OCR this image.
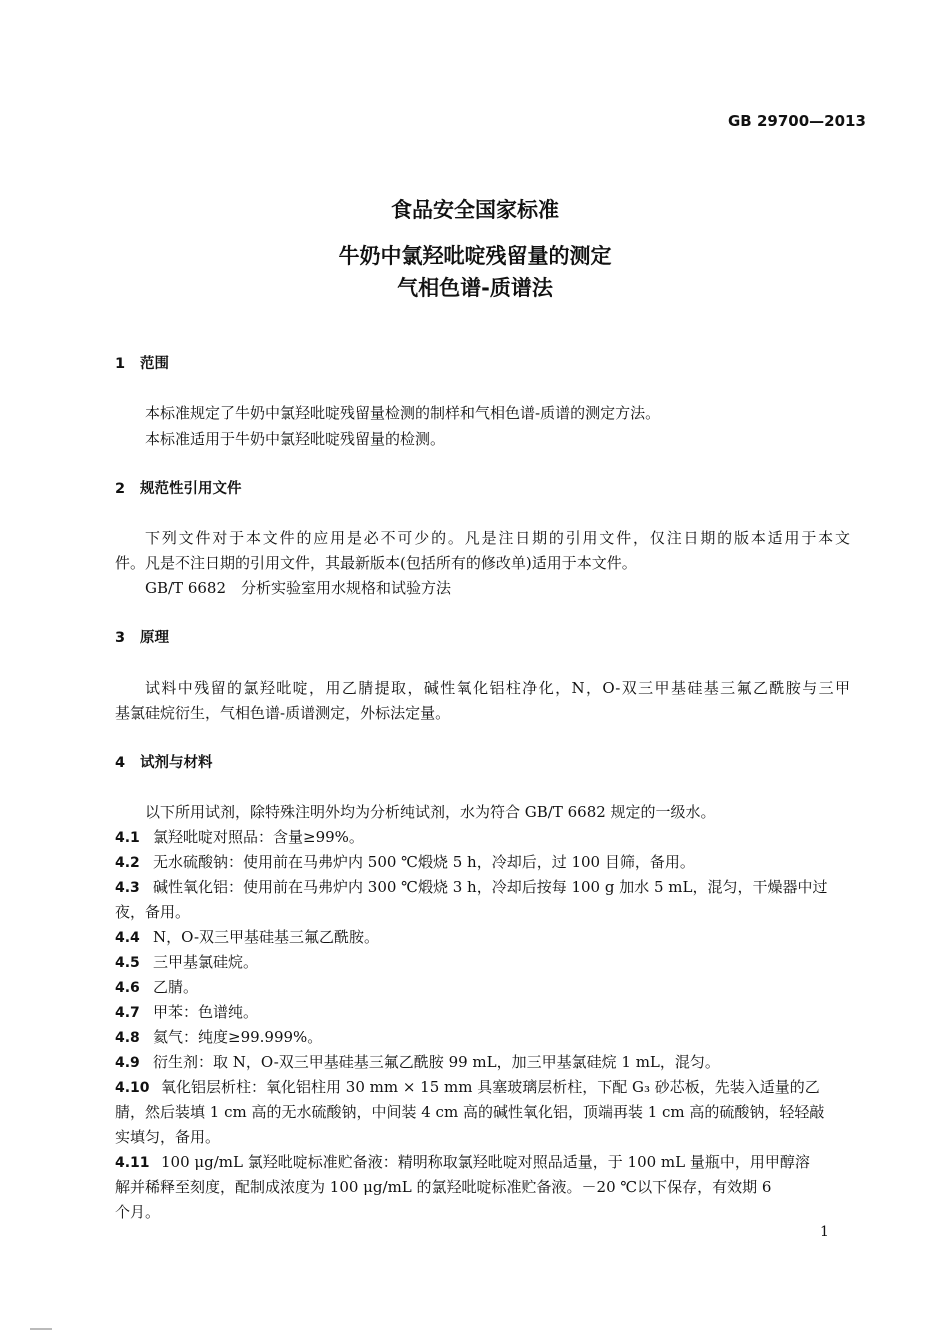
GB 29700—2013
食品安全国家标准
牛奶中氯羟吡啶残留量的测定
气相色谱-质谱法
1 范围
本标准规定了牛奶中氯羟吡啶残留量检测的制样和气相色谱-质谱的测定方法。
本标准适用于牛奶中氯羟吡啶残留量的检测。
2 规范性引用文件
下列文件对于本文件的应用是必不可少的。凡是注日期的引用文件，仅注日期的版本适用于本文
件。凡是不注日期的引用文件，其最新版本(包括所有的修改单)适用于本文件。
GB/T 6682　分析实验室用水规格和试验方法
3 原理
试料中残留的氯羟吡啶，用乙腈提取，碱性氧化铝柱净化，N，O-双三甲基硅基三氟乙酰胺与三甲
基氯硅烷衍生，气相色谱-质谱测定，外标法定量。
4 试剂与材料
以下所用试剂，除特殊注明外均为分析纯试剂，水为符合 GB/T 6682 规定的一级水。
4.1 氯羟吡啶对照品：含量≥99%。
4.2 无水硫酸钠：使用前在马弗炉内 500 ℃煅烧 5 h，冷却后，过 100 目筛，备用。
4.3 碱性氧化铝：使用前在马弗炉内 300 ℃煅烧 3 h，冷却后按每 100 g 加水 5 mL，混匀，干燥器中过
夜，备用。
4.4 N，O-双三甲基硅基三氟乙酰胺。
4.5 三甲基氯硅烷。
4.6 乙腈。
4.7 甲苯：色谱纯。
4.8 氦气：纯度≥99.999%。
4.9 衍生剂：取 N，O-双三甲基硅基三氟乙酰胺 99 mL，加三甲基氯硅烷 1 mL，混匀。
4.10 氧化铝层析柱：氧化铝柱用 30 mm × 15 mm 具塞玻璃层析柱，下配 G₃ 砂芯板，先装入适量的乙
腈，然后装填 1 cm 高的无水硫酸钠，中间装 4 cm 高的碱性氧化铝，顶端再装 1 cm 高的硫酸钠，轻轻敲
实填匀，备用。
4.11 100 μg/mL 氯羟吡啶标准贮备液：精明称取氯羟吡啶对照品适量，于 100 mL 量瓶中，用甲醇溶
解并稀释至刻度，配制成浓度为 100 μg/mL 的氯羟吡啶标准贮备液。－20 ℃以下保存，有效期 6
个月。
1
